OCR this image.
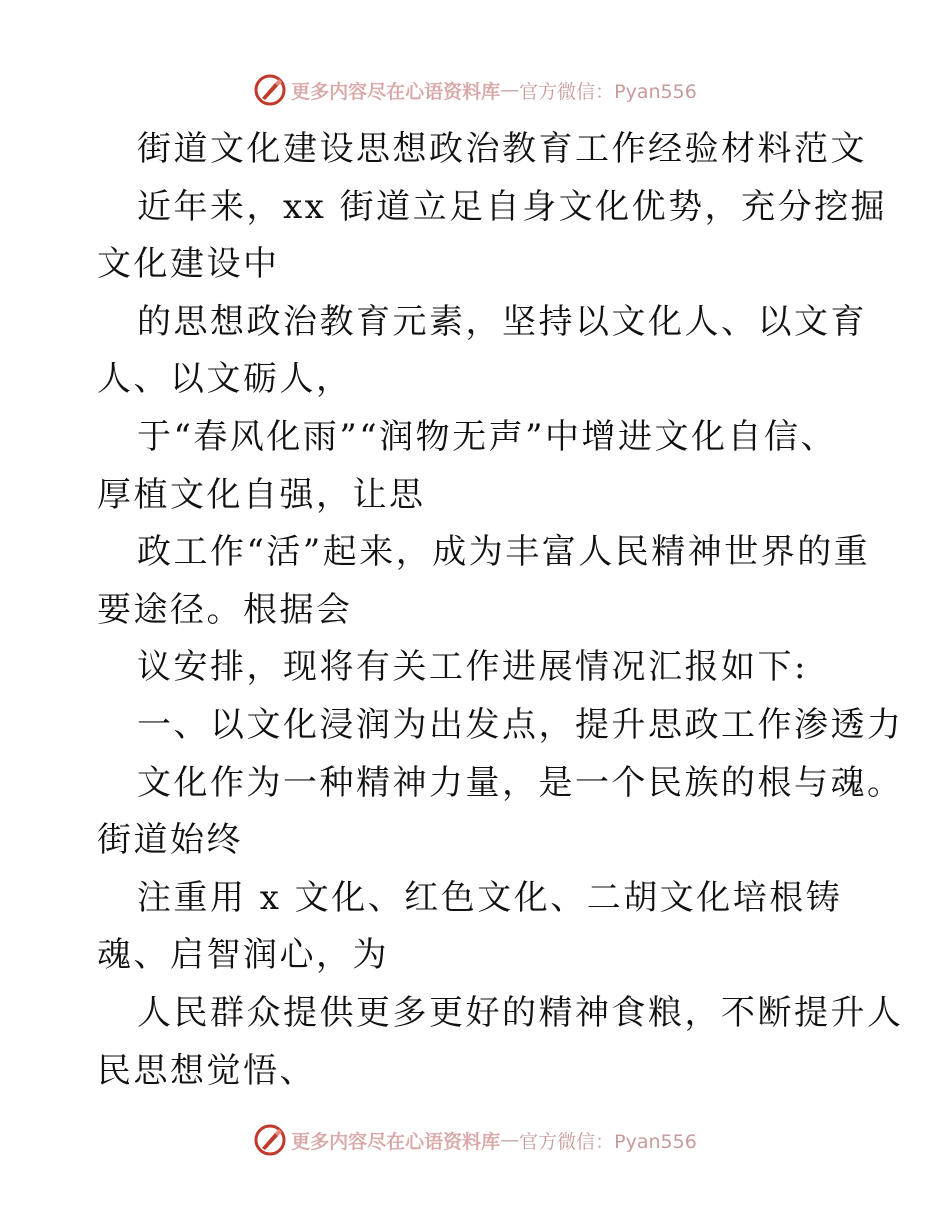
更多内容尽在心语资料库 — 官方微信：Pyan556
街道文化建设思想政治教育工作经验材料范文
近年来，xx 街道立足自身文化优势，充分挖掘
文化建设中
的思想政治教育元素，坚持以文化人、以文育
人、以文砺人，
于“春风化雨”“润物无声”中增进文化自信、
厚植文化自强，让思
政工作“活”起来，成为丰富人民精神世界的重
要途径。根据会
议安排，现将有关工作进展情况汇报如下:
一、以文化浸润为出发点，提升思政工作渗透力
文化作为一种精神力量，是一个民族的根与魂。
街道始终
注重用 x 文化、红色文化、二胡文化培根铸
魂、启智润心，为
人民群众提供更多更好的精神食粮，不断提升人
民思想觉悟、
更多内容尽在心语资料库 — 官方微信：Pyan556
